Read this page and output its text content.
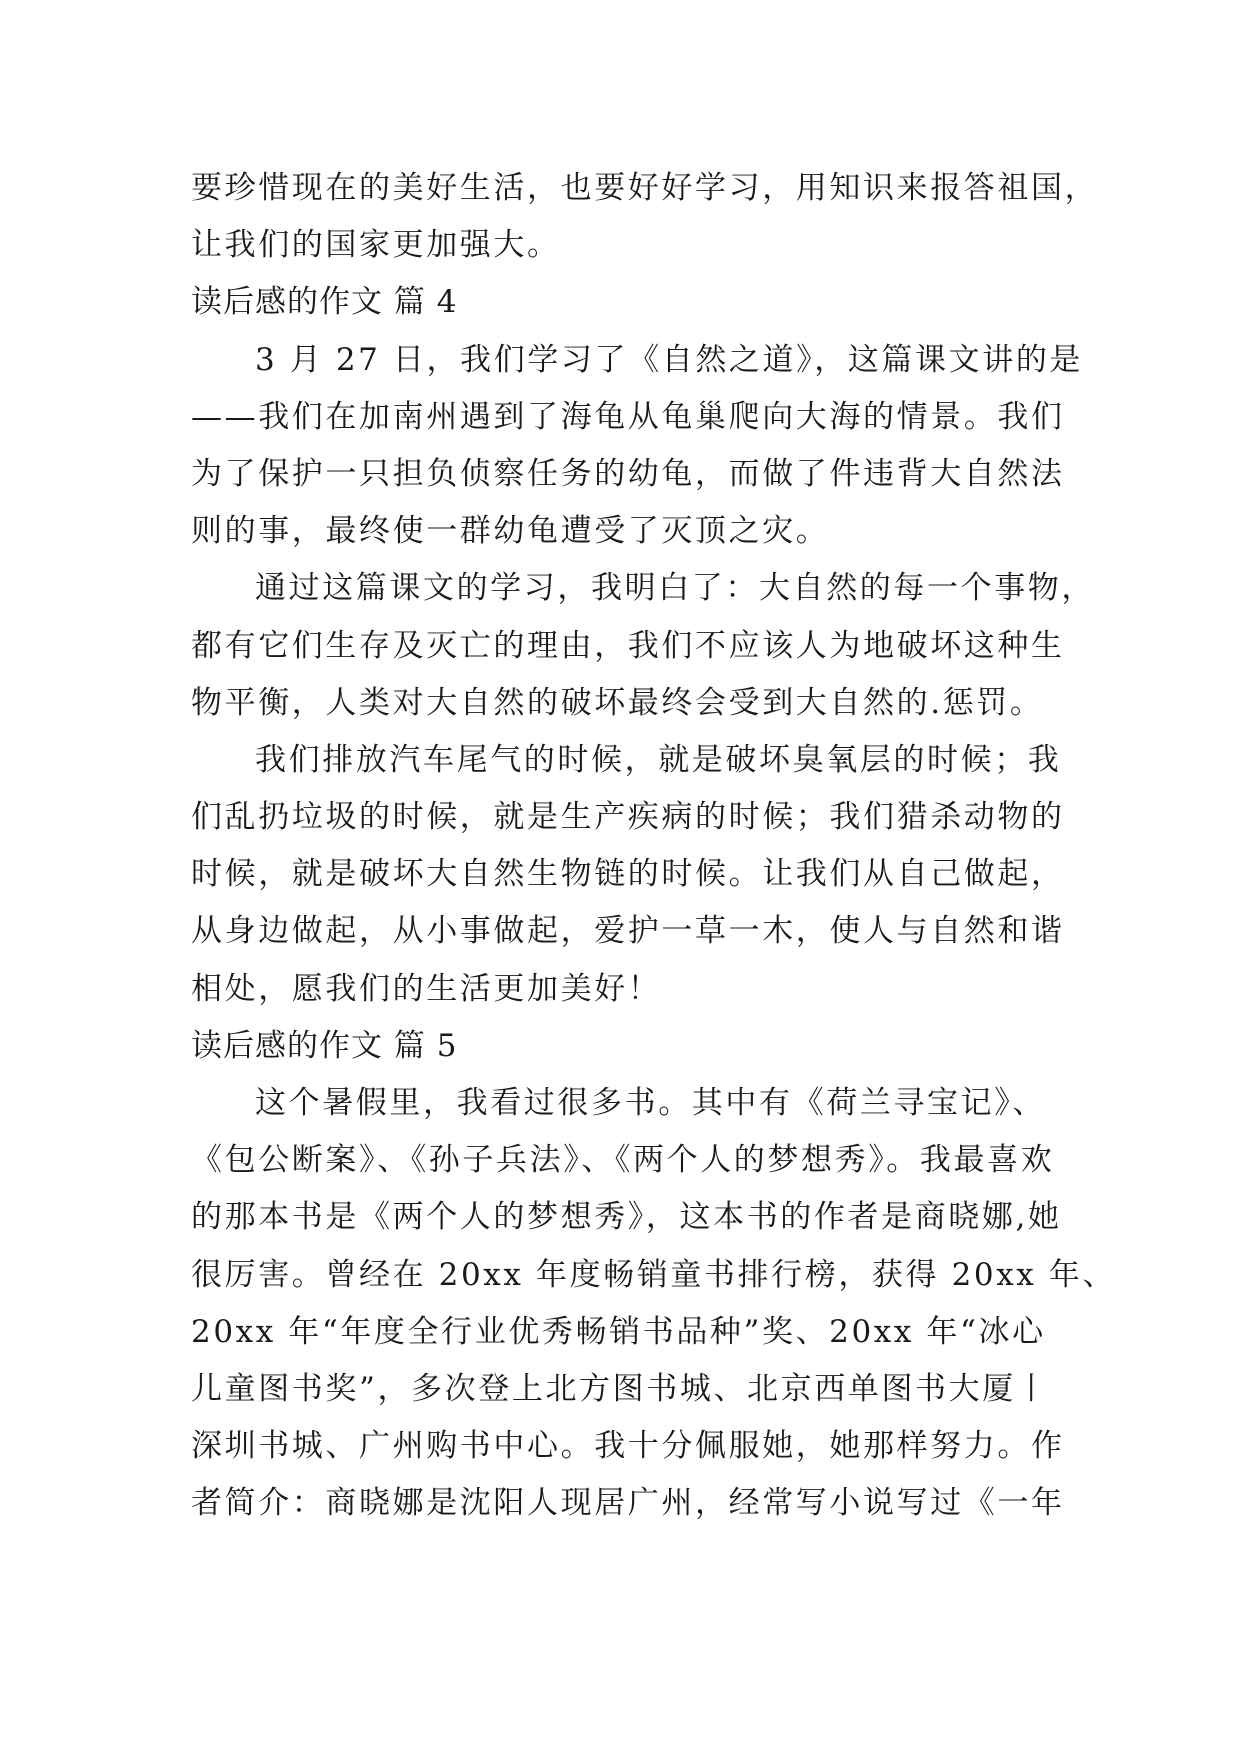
要珍惜现在的美好生活，也要好好学习，用知识来报答祖国，
让我们的国家更加强大。
读后感的作文 篇 4
3 月 27 日，我们学习了《自然之道》，这篇课文讲的是
——我们在加南州遇到了海龟从龟巢爬向大海的情景。我们
为了保护一只担负侦察任务的幼龟，而做了件违背大自然法
则的事，最终使一群幼龟遭受了灭顶之灾。
通过这篇课文的学习，我明白了：大自然的每一个事物，
都有它们生存及灭亡的理由，我们不应该人为地破坏这种生
物平衡，人类对大自然的破坏最终会受到大自然的.惩罚。
我们排放汽车尾气的时候，就是破坏臭氧层的时候；我
们乱扔垃圾的时候，就是生产疾病的时候；我们猎杀动物的
时候，就是破坏大自然生物链的时候。让我们从自己做起，
从身边做起，从小事做起，爱护一草一木，使人与自然和谐
相处，愿我们的生活更加美好！
读后感的作文 篇 5
这个暑假里，我看过很多书。其中有《荷兰寻宝记》、
《包公断案》、《孙子兵法》、《两个人的梦想秀》。我最喜欢
的那本书是《两个人的梦想秀》，这本书的作者是商晓娜,她
很厉害。曾经在 20xx 年度畅销童书排行榜，获得 20xx 年、
20xx 年“年度全行业优秀畅销书品种”奖、20xx 年“冰心
儿童图书奖”，多次登上北方图书城、北京西单图书大厦丨
深圳书城、广州购书中心。我十分佩服她，她那样努力。作
者简介：商晓娜是沈阳人现居广州，经常写小说写过《一年
